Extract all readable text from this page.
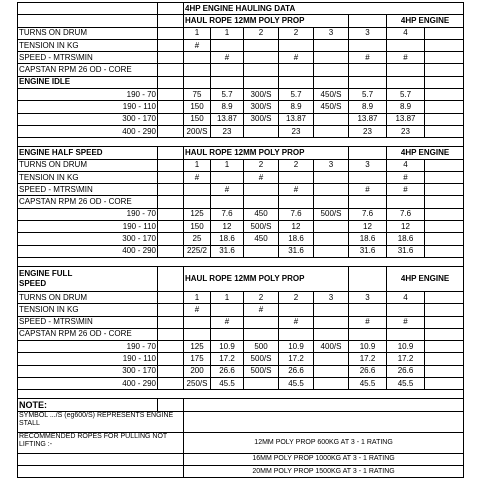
		4HP ENGINE HAULING DATA							
		HAUL ROPE 12MM POLY PROP						4HP ENGINE	
TURNS ON DRUM		1	1	2	2	3	3	4	
TENSION IN KG		#							
SPEED - MTRS\MIN			#		#		#	#	
CAPSTAN RPM 26 OD - CORE									
ENGINE IDLE									
190 - 70		75	5.7	300/S	5.7	450/S	5.7	5.7	
190 - 110		150	8.9	300/S	8.9	450/S	8.9	8.9	
300 - 170		150	13.87	300/S	13.87		13.87	13.87	
400 - 290		200/S	23		23		23	23	

ENGINE HALF SPEED		HAUL ROPE 12MM POLY PROP						4HP ENGINE	
TURNS ON DRUM		1	1	2	2	3	3	4	
TENSION IN KG		#		#				#	
SPEED - MTRS\MIN			#		#		#	#	
CAPSTAN RPM 26 OD - CORE									
190 - 70		125	7.6	450	7.6	500/S	7.6	7.6	
190 - 110		150	12	500/S	12		12	12	
300 - 170		25	18.6	450	18.6		18.6	18.6	
400 - 290		225/2	31.6		31.6		31.6	31.6	

ENGINE FULL
SPEED		HAUL ROPE 12MM POLY PROP						4HP ENGINE	
TURNS ON DRUM		1	1	2	2	3	3	4	
TENSION IN KG		#		#					
SPEED - MTRS\MIN			#		#		#	#	
CAPSTAN RPM 26 OD - CORE									
190 - 70		125	10.9	500	10.9	400/S	10.9	10.9	
190 - 110		175	17.2	500/S	17.2		17.2	17.2	
300 - 170		200	26.6	500/S	26.6		26.6	26.6	
400 - 290		250/S	45.5		45.5		45.5	45.5	

NOTE:									
SYMBOL .../S (eg600/S) REPRESENTS ENGINE STALL									
RECOMMENDED ROPES FOR PULLING NOT LIFTING :-		12MM POLY PROP 600KG AT 3 - 1 RATING							
		16MM POLY PROP 1000KG AT 3 - 1 RATING							
		20MM POLY PROP 1500KG AT 3 - 1 RATING							
